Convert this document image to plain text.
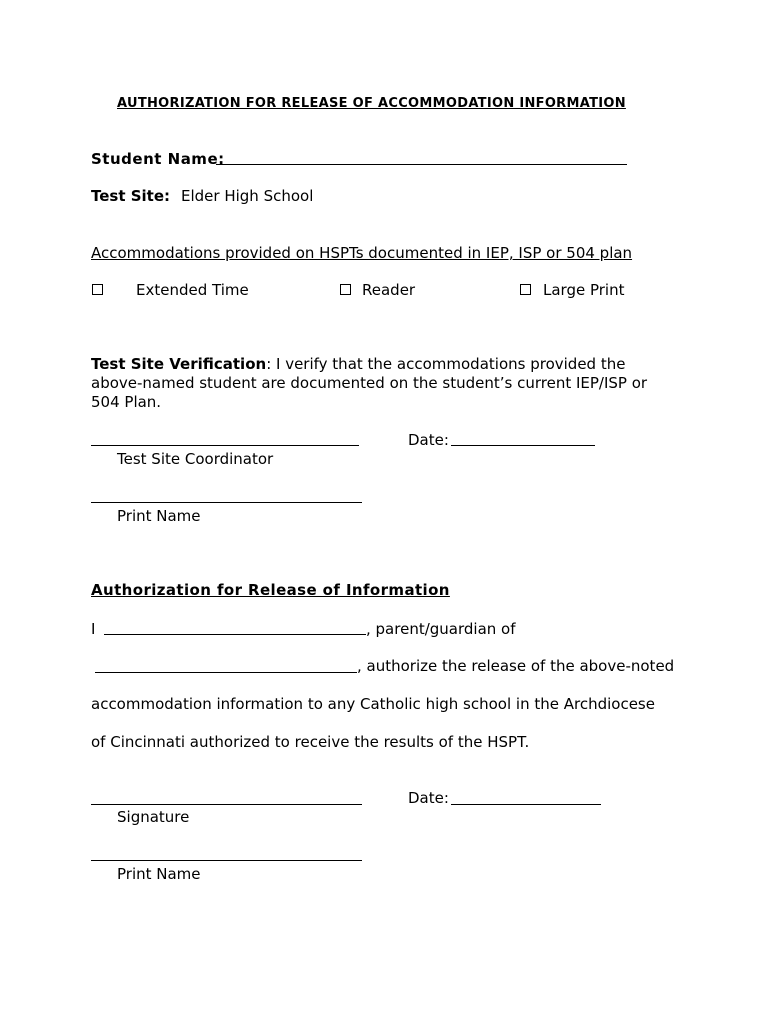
AUTHORIZATION FOR RELEASE OF ACCOMMODATION INFORMATION
Student Name:
Test Site: Elder High School
Accommodations provided on HSPTs documented in IEP, ISP or 504 plan
Extended Time	Reader	Large Print
Test Site Verification: I verify that the accommodations provided the
above-named student are documented on the student’s current IEP/ISP or
504 Plan.
Date:
Test Site Coordinator
Print Name
Authorization for Release of Information
I	, parent/guardian of
, authorize the release of the above-noted
accommodation information to any Catholic high school in the Archdiocese
of Cincinnati authorized to receive the results of the HSPT.
Date:
Signature
Print Name
